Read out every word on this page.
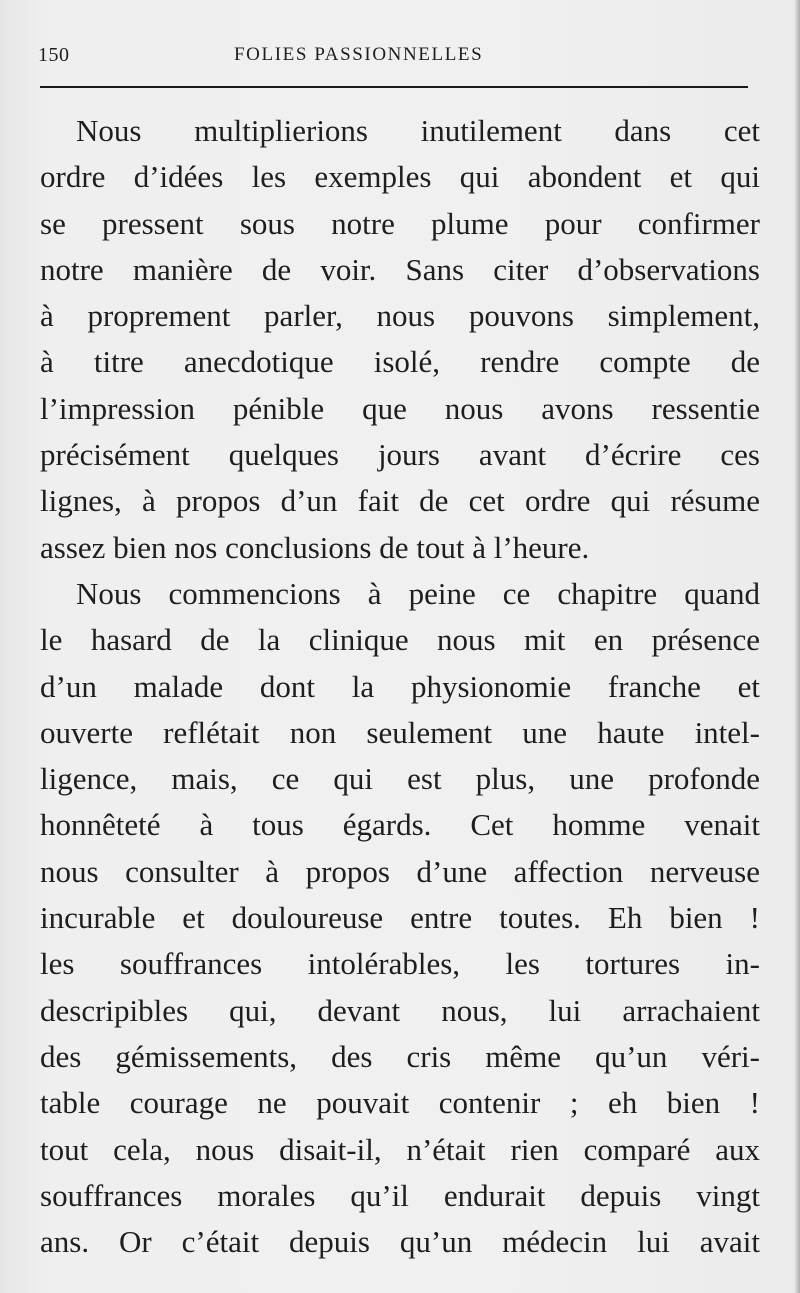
150	FOLIES PASSIONNELLES
Nous multiplierions inutilement dans cet
ordre d’idées les exemples qui abondent et qui
se pressent sous notre plume pour confirmer
notre manière de voir. Sans citer d’observations
à proprement parler, nous pouvons simplement,
à titre anecdotique isolé, rendre compte de
l’impression pénible que nous avons ressentie
précisément quelques jours avant d’écrire ces
lignes, à propos d’un fait de cet ordre qui résume
assez bien nos conclusions de tout à l’heure.
Nous commencions à peine ce chapitre quand
le hasard de la clinique nous mit en présence
d’un malade dont la physionomie franche et
ouverte reflétait non seulement une haute intel-
ligence, mais, ce qui est plus, une profonde
honnêteté à tous égards. Cet homme venait
nous consulter à propos d’une affection nerveuse
incurable et douloureuse entre toutes. Eh bien !
les souffrances intolérables, les tortures in-
descripibles qui, devant nous, lui arrachaient
des gémissements, des cris même qu’un véri-
table courage ne pouvait contenir ; eh bien !
tout cela, nous disait-il, n’était rien comparé aux
souffrances morales qu’il endurait depuis vingt
ans. Or c’était depuis qu’un médecin lui avait
